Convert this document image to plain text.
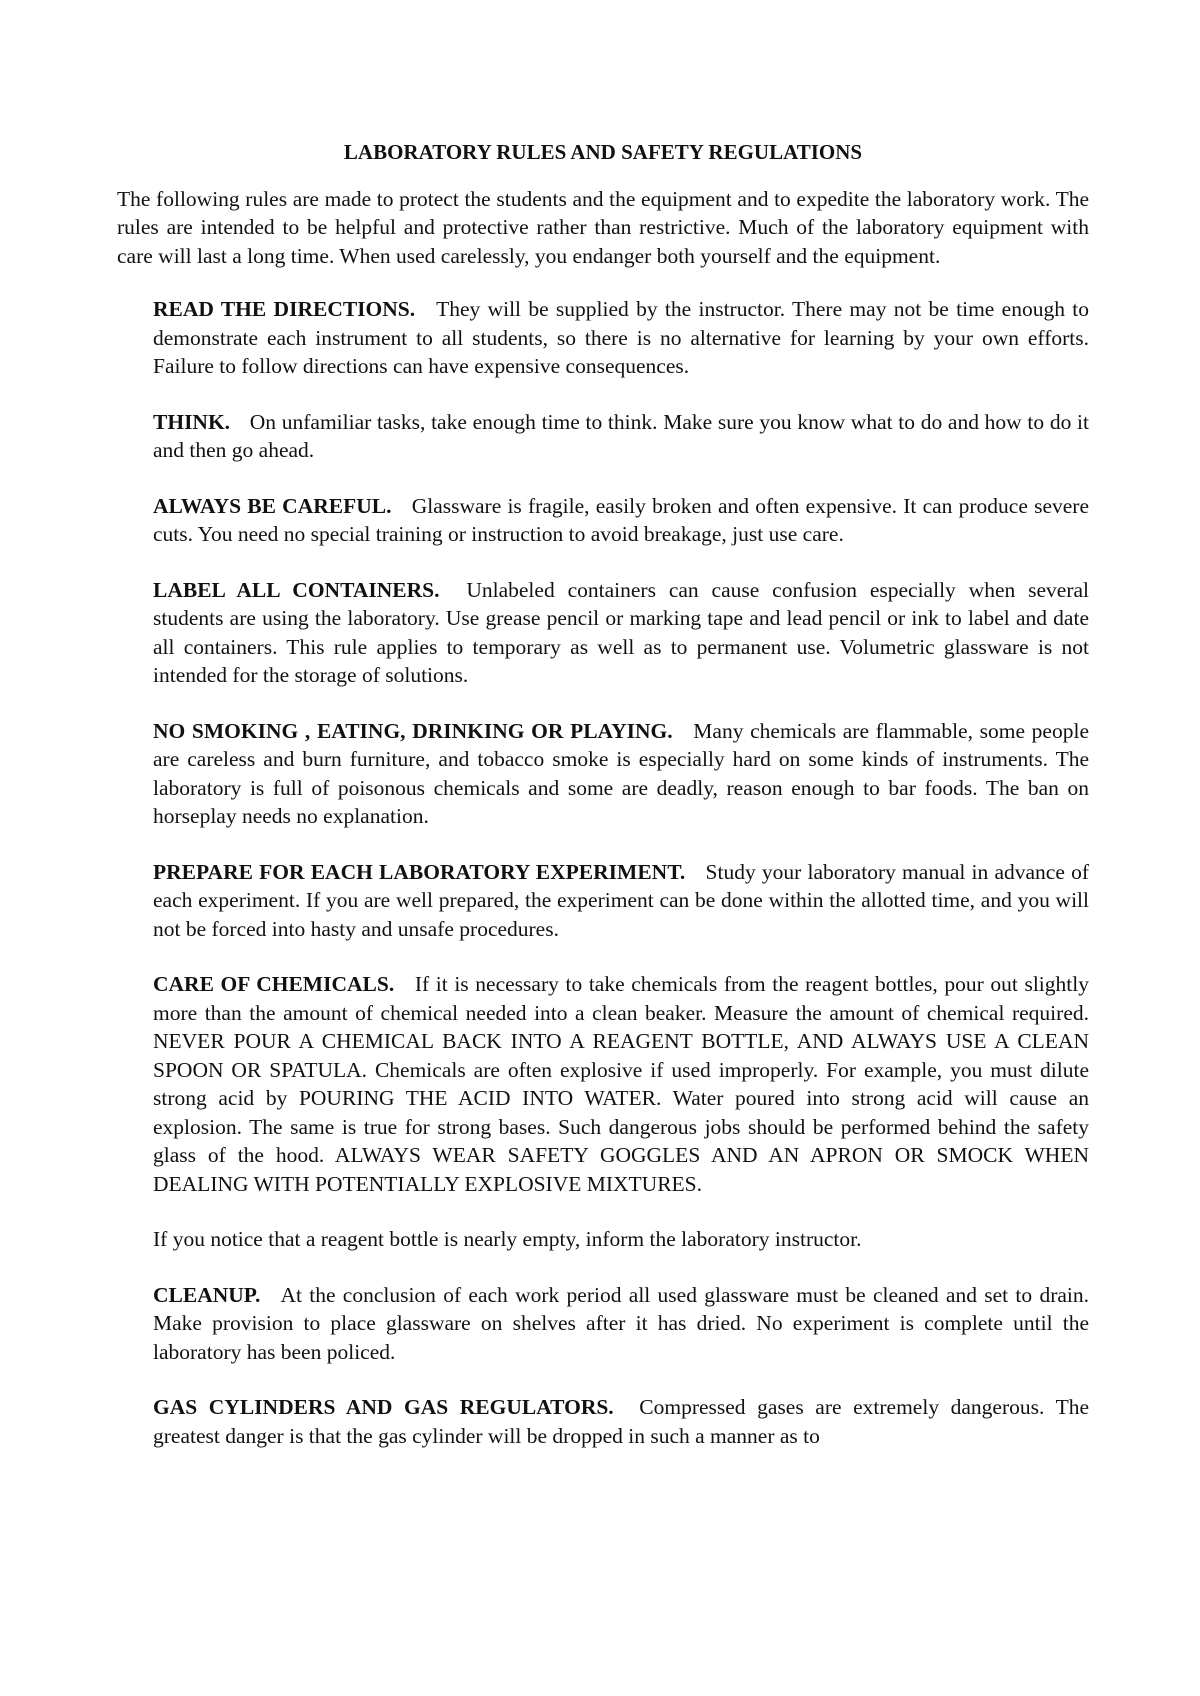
LABORATORY RULES AND SAFETY REGULATIONS

The following rules are made to protect the students and the equipment and to expedite the laboratory work. The rules are intended to be helpful and protective rather than restrictive. Much of the laboratory equipment with care will last a long time. When used carelessly, you endanger both yourself and the equipment.

READ THE DIRECTIONS. They will be supplied by the instructor. There may not be time enough to demonstrate each instrument to all students, so there is no alternative for learning by your own efforts. Failure to follow directions can have expensive consequences.

THINK. On unfamiliar tasks, take enough time to think. Make sure you know what to do and how to do it and then go ahead.

ALWAYS BE CAREFUL. Glassware is fragile, easily broken and often expensive. It can produce severe cuts. You need no special training or instruction to avoid breakage, just use care.

LABEL ALL CONTAINERS. Unlabeled containers can cause confusion especially when several students are using the laboratory. Use grease pencil or marking tape and lead pencil or ink to label and date all containers. This rule applies to temporary as well as to permanent use. Volumetric glassware is not intended for the storage of solutions.

NO SMOKING , EATING, DRINKING OR PLAYING. Many chemicals are flammable, some people are careless and burn furniture, and tobacco smoke is especially hard on some kinds of instruments. The laboratory is full of poisonous chemicals and some are deadly, reason enough to bar foods. The ban on horseplay needs no explanation.

PREPARE FOR EACH LABORATORY EXPERIMENT. Study your laboratory manual in advance of each experiment. If you are well prepared, the experiment can be done within the allotted time, and you will not be forced into hasty and unsafe procedures.

CARE OF CHEMICALS. If it is necessary to take chemicals from the reagent bottles, pour out slightly more than the amount of chemical needed into a clean beaker. Measure the amount of chemical required. NEVER POUR A CHEMICAL BACK INTO A REAGENT BOTTLE, AND ALWAYS USE A CLEAN SPOON OR SPATULA. Chemicals are often explosive if used improperly. For example, you must dilute strong acid by POURING THE ACID INTO WATER. Water poured into strong acid will cause an explosion. The same is true for strong bases. Such dangerous jobs should be performed behind the safety glass of the hood. ALWAYS WEAR SAFETY GOGGLES AND AN APRON OR SMOCK WHEN DEALING WITH POTENTIALLY EXPLOSIVE MIXTURES.

If you notice that a reagent bottle is nearly empty, inform the laboratory instructor.

CLEANUP. At the conclusion of each work period all used glassware must be cleaned and set to drain. Make provision to place glassware on shelves after it has dried. No experiment is complete until the laboratory has been policed.

GAS CYLINDERS AND GAS REGULATORS. Compressed gases are extremely dangerous. The greatest danger is that the gas cylinder will be dropped in such a manner as to
